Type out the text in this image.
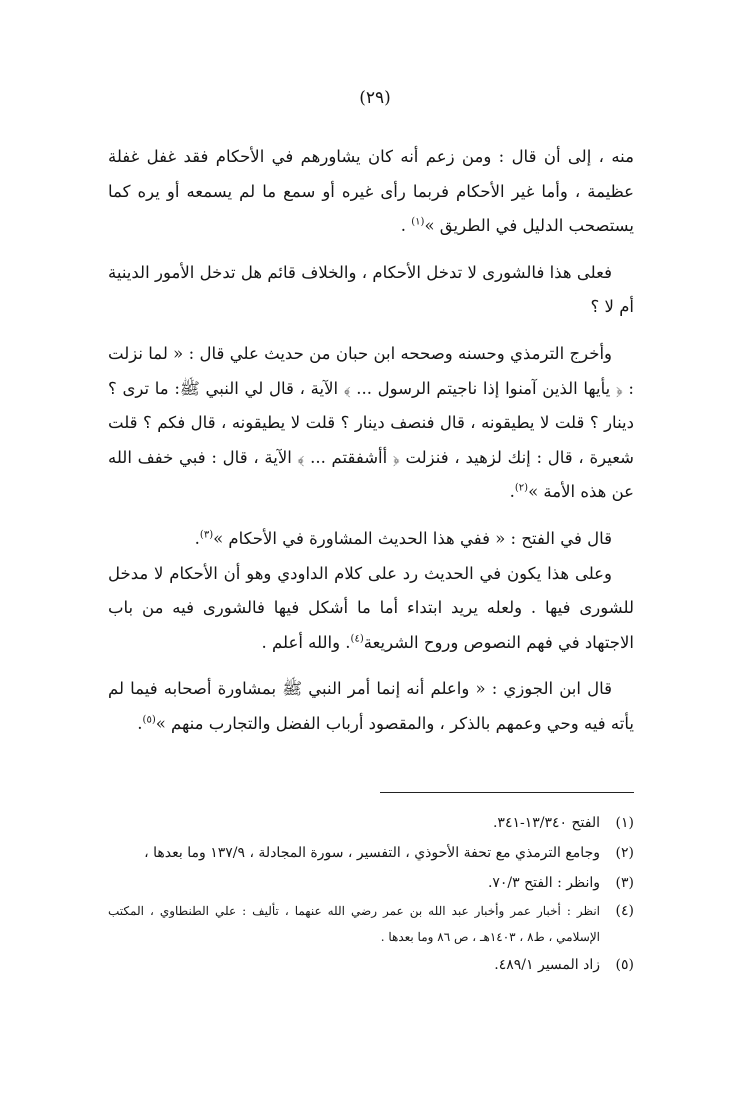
(٢٩)

منه ، إلى أن قال : ومن زعم أنه كان يشاورهم في الأحكام فقد غفل غفلة عظيمة ، وأما غير الأحكام فربما رأى غيره أو سمع ما لم يسمعه أو يره كما يستصحب الدليل في الطريق »$^{(١)}$ .

فعلى هذا فالشورى لا تدخل الأحكام ، والخلاف قائم هل تدخل الأمور الدينية أم لا ؟

وأخرج الترمذي وحسنه وصححه ابن حبان من حديث علي قال : « لما نزلت : ﴿ يأيها الذين آمنوا إذا ناجيتم الرسول ... ﴾ الآية ، قال لي النبي ﷺ: ما ترى ؟ دينار ؟ قلت لا يطيقونه ، قال فنصف دينار ؟ قلت لا يطيقونه ، قال فكم ؟ قلت شعيرة ، قال : إنك لزهيد ، فنزلت ﴿ أأشفقتم ... ﴾ الآية ، قال : فبي خفف الله عن هذه الأمة »$^{(٢)}$.

قال في الفتح : « ففي هذا الحديث المشاورة في الأحكام »$^{(٣)}$.

وعلى هذا يكون في الحديث رد على كلام الداودي وهو أن الأحكام لا مدخل للشورى فيها . ولعله يريد ابتداء أما ما أشكل فيها فالشورى فيه من باب الاجتهاد في فهم النصوص وروح الشريعة$^{(٤)}$. والله أعلم .

قال ابن الجوزي : « واعلم أنه إنما أمر النبي ﷺ بمشاورة أصحابه فيما لم يأته فيه وحي وعمهم بالذكر ، والمقصود أرباب الفضل والتجارب منهم »$^{(٥)}$.

(١)
الفتح ١٣/٣٤٠-٣٤١.
(٢)
وجامع الترمذي مع تحفة الأحوذي ، التفسير ، سورة المجادلة ، ١٣٧/٩ وما بعدها ،
(٣)
وانظر : الفتح ٧٠/٣.
(٤)
انظر : أخبار عمر وأخبار عبد الله بن عمر رضي الله عنهما ، تأليف : علي الطنطاوي ، المكتب الإسلامي ، ط٨ ، ١٤٠٣هـ ، ص ٨٦ وما بعدها .
(٥)
زاد المسير ٤٨٩/١.
